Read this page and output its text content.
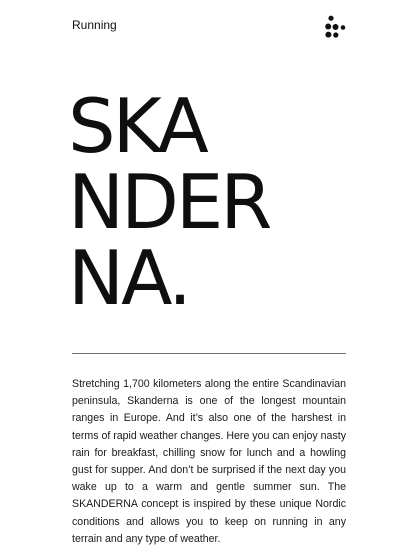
Running
SKA
NDER
NA.

Stretching 1,700 kilometers along the entire Scandinavian peninsula, Skanderna is one of the longest mountain ranges in Europe. And it’s also one of the harshest in terms of rapid weather changes. Here you can enjoy nasty rain for breakfast, chilling snow for lunch and a howling gust for supper. And don’t be surprised if the next day you wake up to a warm and gentle summer sun. The SKANDERNA concept is inspired by these unique Nordic conditions and allows you to keep on running in any terrain and any type of weather.
